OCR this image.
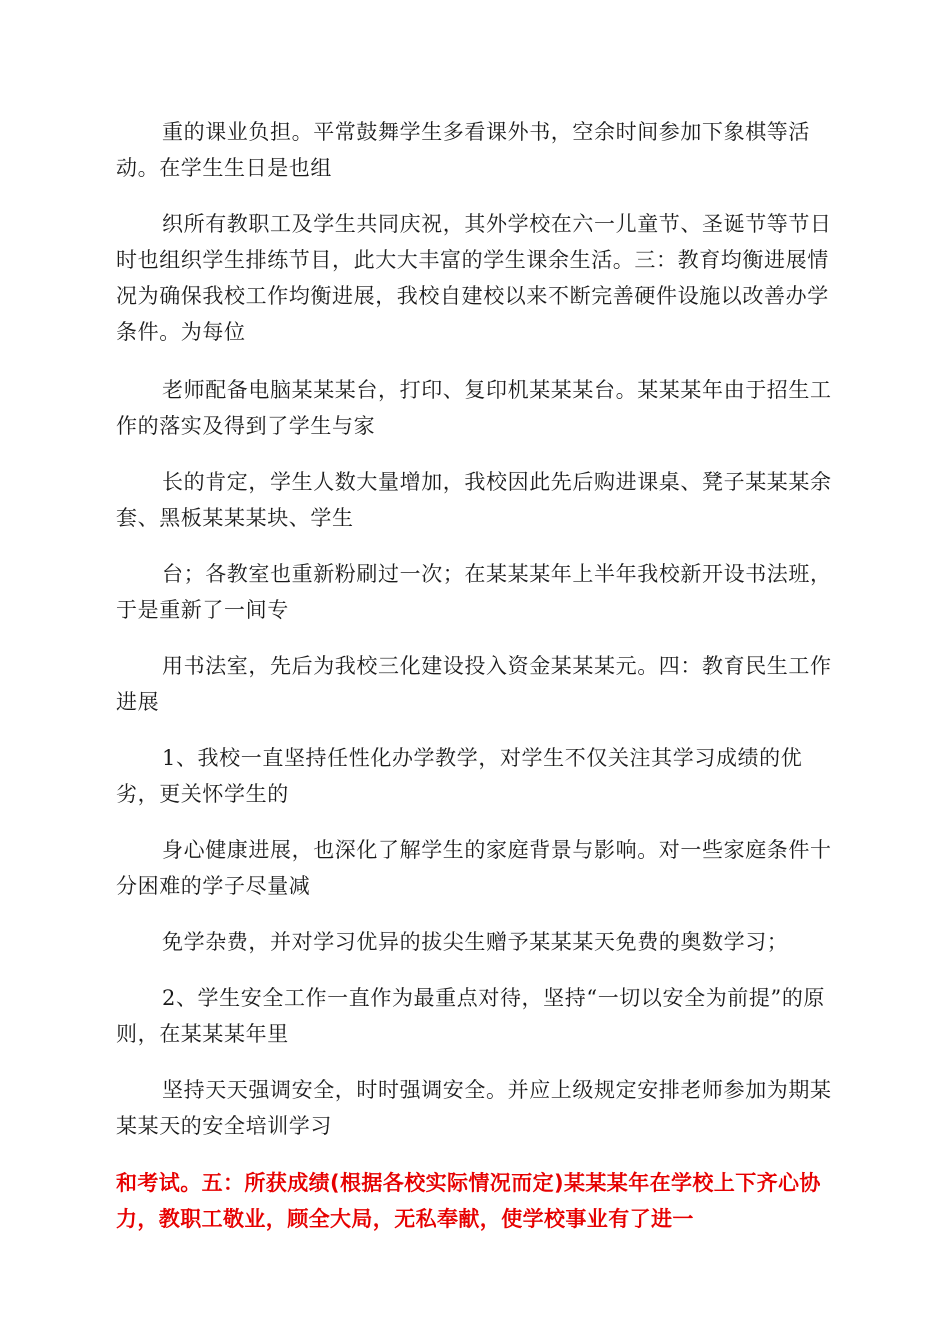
重的课业负担。平常鼓舞学生多看课外书，空余时间参加下象棋等活动。在学生生日是也组

织所有教职工及学生共同庆祝，其外学校在六一儿童节、圣诞节等节日时也组织学生排练节目，此大大丰富的学生课余生活。三：教育均衡进展情况为确保我校工作均衡进展，我校自建校以来不断完善硬件设施以改善办学条件。为每位

老师配备电脑某某某台，打印、复印机某某某台。某某某年由于招生工作的落实及得到了学生与家

长的肯定，学生人数大量增加，我校因此先后购进课桌、凳子某某某余套、黑板某某某块、学生

台；各教室也重新粉刷过一次；在某某某年上半年我校新开设书法班，于是重新了一间专

用书法室，先后为我校三化建设投入资金某某某元。四：教育民生工作进展

1、我校一直坚持任性化办学教学，对学生不仅关注其学习成绩的优劣，更关怀学生的

身心健康进展，也深化了解学生的家庭背景与影响。对一些家庭条件十分困难的学子尽量减

免学杂费，并对学习优异的拔尖生赠予某某某天免费的奥数学习；

2、学生安全工作一直作为最重点对待，坚持“一切以安全为前提”的原则，在某某某年里

坚持天天强调安全，时时强调安全。并应上级规定安排老师参加为期某某某天的安全培训学习

和考试。五：所获成绩(根据各校实际情况而定)某某某年在学校上下齐心协力，教职工敬业，顾全大局，无私奉献，使学校事业有了进一
